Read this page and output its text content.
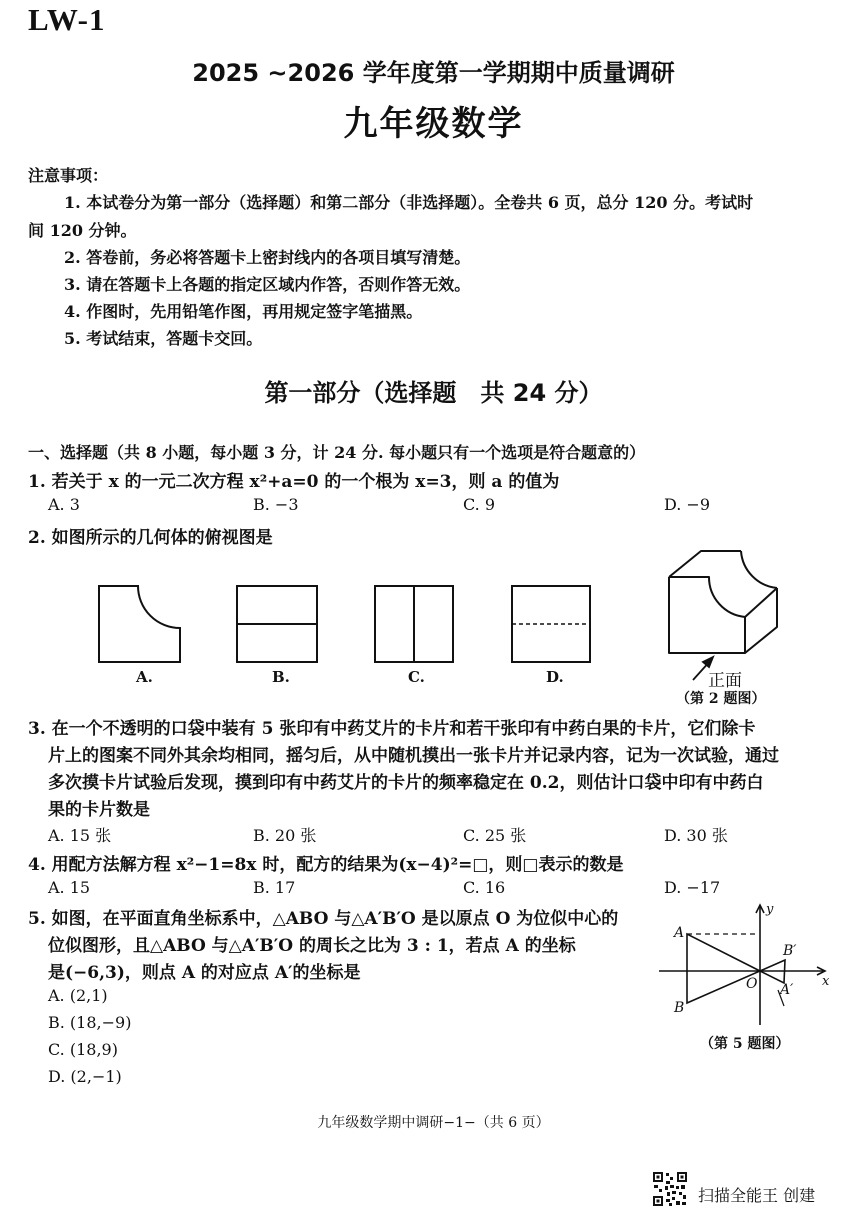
LW-1
2025 ~2026 学年度第一学期期中质量调研
九年级数学
注意事项：
1. 本试卷分为第一部分（选择题）和第二部分（非选择题）。全卷共 6 页，总分 120 分。考试时
间 120 分钟。
2. 答卷前，务必将答题卡上密封线内的各项目填写清楚。
3. 请在答题卡上各题的指定区域内作答，否则作答无效。
4. 作图时，先用铅笔作图，再用规定签字笔描黑。
5. 考试结束，答题卡交回。
第一部分（选择题　共 24 分）
一、选择题（共 8 小题，每小题 3 分，计 24 分. 每小题只有一个选项是符合题意的）
1. 若关于 x 的一元二次方程 x²+a=0 的一个根为 x=3，则 a 的值为
A. 3	B. −3	C. 9	D. −9
2. 如图所示的几何体的俯视图是
A.	B.	C.	D.	正面
（第 2 题图）
3. 在一个不透明的口袋中装有 5 张印有中药艾片的卡片和若干张印有中药白果的卡片，它们除卡
片上的图案不同外其余均相同，摇匀后，从中随机摸出一张卡片并记录内容，记为一次试验，通过
多次摸卡片试验后发现，摸到印有中药艾片的卡片的频率稳定在 0.2，则估计口袋中印有中药白
果的卡片数是
A. 15 张	B. 20 张	C. 25 张	D. 30 张
4. 用配方法解方程 x²−1=8x 时，配方的结果为(x−4)²=□，则□表示的数是
A. 15	B. 17	C. 16	D. −17
5. 如图，在平面直角坐标系中，△ABO 与△A′B′O 是以原点 O 为位似中心的
位似图形，且△ABO 与△A′B′O 的周长之比为 3 : 1，若点 A 的坐标
是(−6,3)，则点 A 的对应点 A′的坐标是
A. (2,1)
B. (18,−9)
C. (18,9)
D. (2,−1)
y
x
A
B
O A′
B′
（第 5 题图）
九年级数学期中调研−1−（共 6 页）
扫描全能王 创建
